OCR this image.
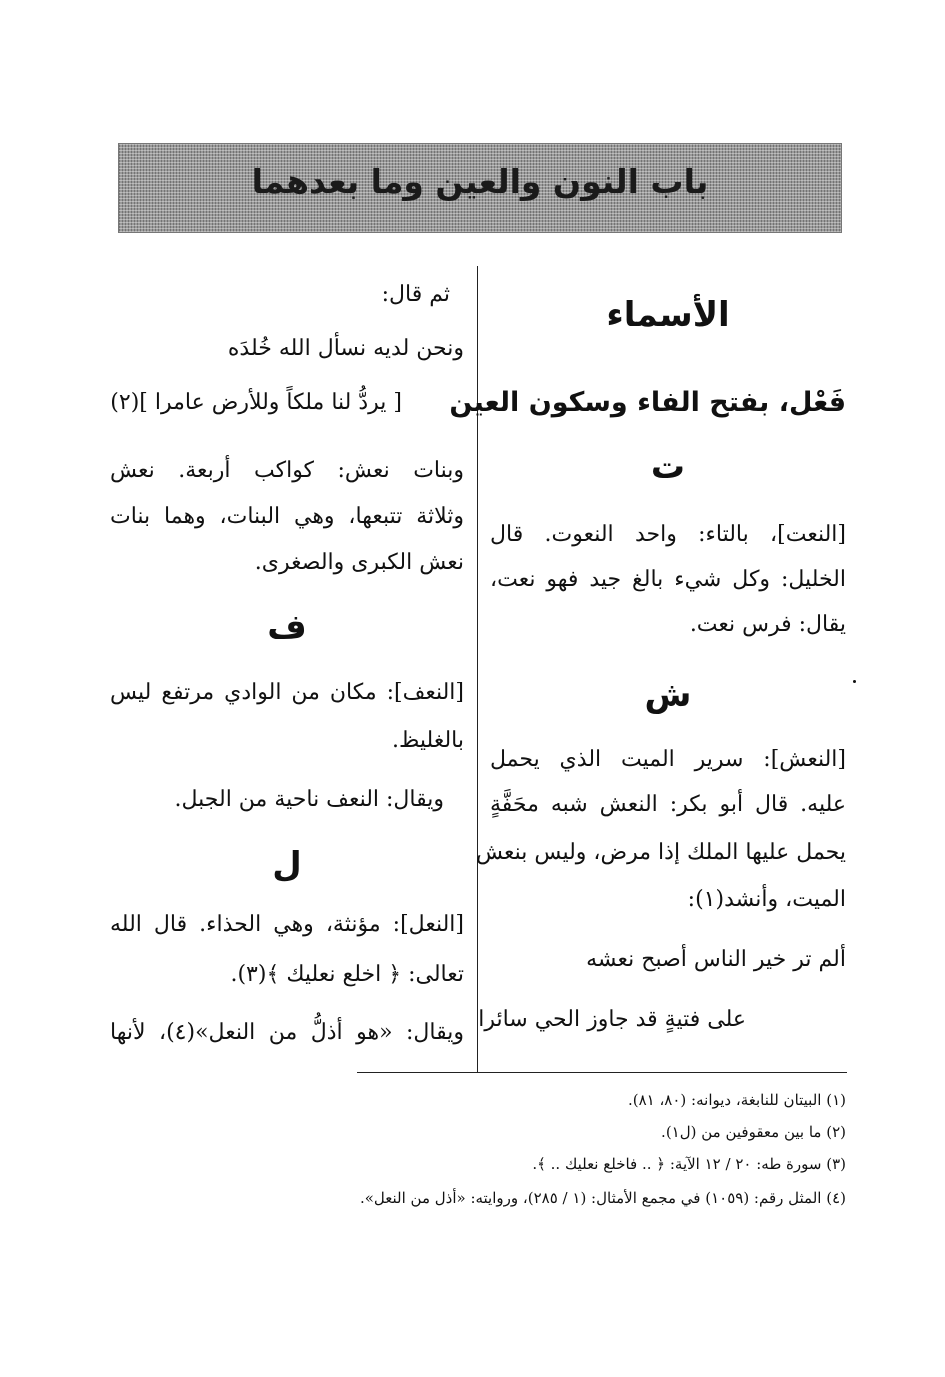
باب النون والعين وما بعدهما
الأسماء
فَعْل، بفتح الفاء وسكون العين
ت
[النعت]، بالتاء: واحد النعوت. قال
الخليل: وكل شيء بالغ جيد فهو نعت،
يقال: فرس نعت.
ش
[النعش]: سرير الميت الذي يحمل
عليه. قال أبو بكر: النعش شبه محَفَّةٍ
يحمل عليها الملك إذا مرض، وليس بنعش
الميت، وأنشد(١):
ألم تر خير الناس أصبح نعشه
على فتيةٍ قد جاوز الحي سائرا
ثم قال:
ونحن لديه نسأل الله خُلدَه
[ يردُّ لنا ملكاً وللأرض عامرا ](٢)
وبنات نعش: كواكب أربعة. نعش
وثلاثة تتبعها، وهي البنات، وهما بنات
نعش الكبرى والصغرى.
ف
[النعف]: مكان من الوادي مرتفع ليس
بالغليظ.
ويقال: النعف ناحية من الجبل.
ل
[النعل]: مؤنثة، وهي الحذاء. قال الله
تعالى: ﴿ اخلع نعليك ﴾(٣).
ويقال: «هو أذلُّ من النعل»(٤)، لأنها
(١) البيتان للنابغة، ديوانه: (٨٠، ٨١).
(٢) ما بين معقوفين من (ل١).
(٣) سورة طه: ٢٠ / ١٢ الآية: ﴿ .. فاخلع نعليك .. ﴾.
(٤) المثل رقم: (١٠٥٩) في مجمع الأمثال: (١ / ٢٨٥)، وروايته: «أذل من النعل».
